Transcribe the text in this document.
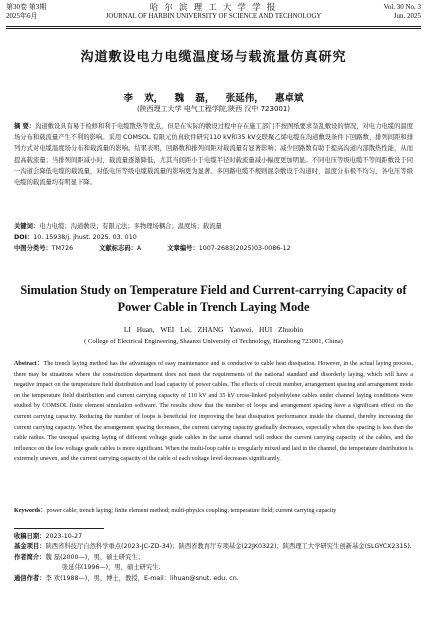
第30卷 第3期
2025年6月
哈 尔 滨 理 工 大 学 学 报
JOURNAL OF HARBIN UNIVERSITY OF SCIENCE AND TECHNOLOGY
Vol. 30 No. 3
Jun. 2025
沟道敷设电力电缆温度场与载流量仿真研究
李 欢， 魏 磊， 张延伟， 惠卓斌
(陕西理工大学 电气工程学院,陕西 汉中 723001)
摘 要：沟道敷设具有易于检修和利于电缆散热等优点，但是在实际的敷设过程中存在施工部门不按图纸要求杂乱敷设的情况，对电力电缆的温度场分布和载流量产生不利的影响。采用 COMSOL 有限元仿真软件研究110 kV和35 kV交联聚乙烯电缆在沟道敷设条件下回路数、排列间距和排列方式对电缆温度场分布和载流量的影响。结果表明，回路数和排列间距对载流量有显著影响；减少回路数有助于提高沟道内部散热性能，从而提高载流量；当排列间距减小时，载流量逐渐降低，尤其当间距小于电缆半径时载流量减小幅度更加明显。不同电压等级电缆不等间距敷设于同一沟道会降低电缆的载流量，对低电压等级电缆载流量的影响更为显著。多回路电缆不规则混杂敷设于沟道时，温度分布极不均匀，各电压等级电缆的载流量均有明显下降。
关键词：电力电缆；沟道敷设；有限元法；多物理场耦合；温度场；载流量
DOI：10. 15938/j. jhust. 2025. 03. 010
中图分类号：TM726	文献标志码：A	文章编号：1007-2683(2025)03-0086-12
Simulation Study on Temperature Field and Current-carrying Capacity of Power Cable in Trench Laying Mode
LI Huan, WEI Lei, ZHANG Yanwei, HUI Zhuobin
( College of Electrical Engineering, Shaanxi University of Technology, Hanzhong 723001, China)
Abstract：The trench laying method has the advantages of easy maintenance and is conducive to cable heat dissipation. However, in the actual laying process, there may be situations where the construction department does not meet the requirements of the national standard and disorderly laying, which will have a negative impact on the temperature field distribution and load capacity of power cables. The effects of circuit number, arrangement spacing and arrangement mode on the temperature field distribution and current carrying capacity of 110 kV and 35 kV cross-linked polyethylene cables under channel laying conditions were studied by COMSOL finite element simulation software. The results show that the number of loops and arrangement spacing have a significant effect on the current carrying capacity. Reducing the number of loops is beneficial for improving the heat dissipation performance inside the channel, thereby increasing the current carrying capacity. When the arrangement spacing decreases, the current carrying capacity gradually decreases, especially when the spacing is less than the cable radius. The unequal spacing laying of different voltage grade cables in the same channel will reduce the current carrying capacity of the cables, and the influence on the low voltage grade cables is more significant. When the multi-loop cable is irregularly mixed and laid in the channel, the temperature distribution is extremely uneven, and the current carrying capacity of the cable of each voltage level decreases significantly.
Keywords：power cable; trench laying; finite element method; multi-physics coupling; temperature field; current carrying capacity
收稿日期：2023-10-27
基金项目：陕西省科技厅自然科学重点(2023-JC-ZD-34)；陕西省教育厅专项基金(22JK0322)；陕西理工大学研究生创新基金(SLGYCX2315).
作者简介：魏 磊(2000—)，男，硕士研究生；
张延伟(1996—)，男，硕士研究生.
通信作者：李 欢(1988—)，男，博士，教授，E-mail：lihuan@snut. edu. cn.
